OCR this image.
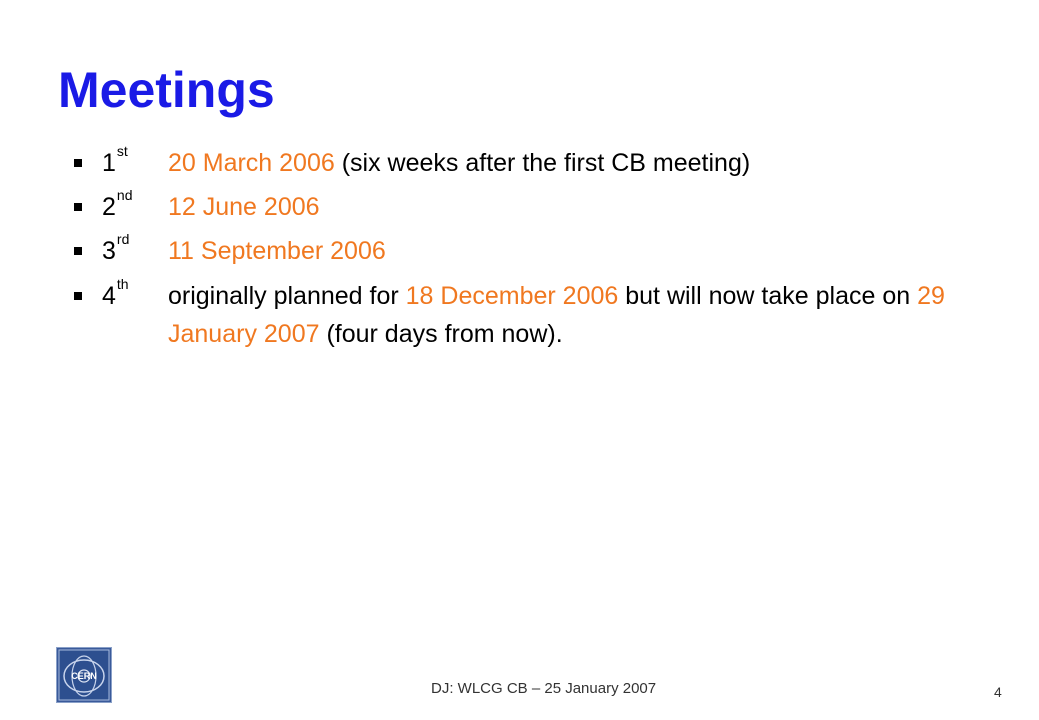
Meetings
1st 20 March 2006 (six weeks after the first CB meeting)
2nd 12 June 2006
3rd 11 September 2006
4th originally planned for 18 December 2006 but will now take place on 29 January 2007 (four days from now).
CERN
DJ: WLCG CB – 25 January 2007	4
